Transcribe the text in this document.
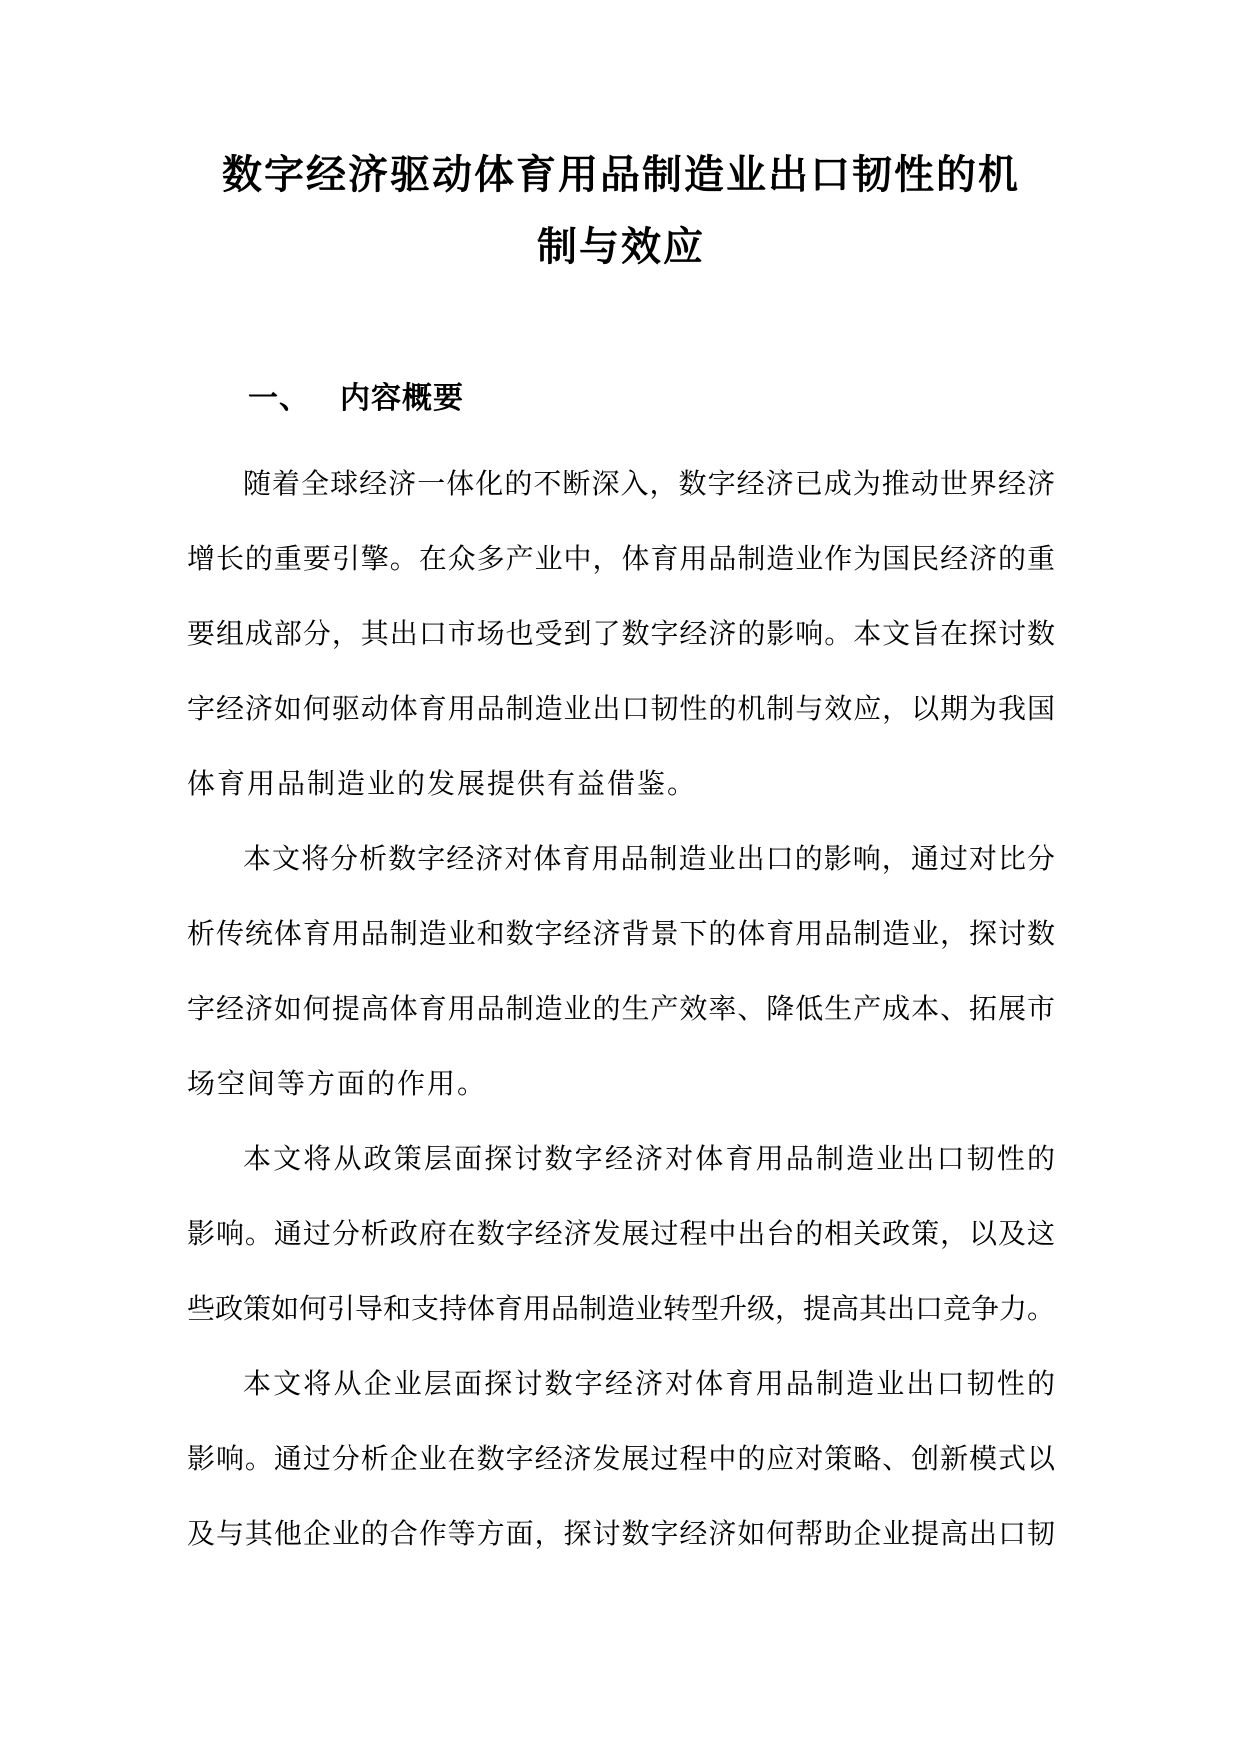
数字经济驱动体育用品制造业出口韧性的机
制与效应
一、 内容概要
随着全球经济一体化的不断深入，数字经济已成为推动世界经济
增长的重要引擎。在众多产业中，体育用品制造业作为国民经济的重
要组成部分，其出口市场也受到了数字经济的影响。本文旨在探讨数
字经济如何驱动体育用品制造业出口韧性的机制与效应，以期为我国
体育用品制造业的发展提供有益借鉴。
本文将分析数字经济对体育用品制造业出口的影响，通过对比分
析传统体育用品制造业和数字经济背景下的体育用品制造业，探讨数
字经济如何提高体育用品制造业的生产效率、降低生产成本、拓展市
场空间等方面的作用。
本文将从政策层面探讨数字经济对体育用品制造业出口韧性的
影响。通过分析政府在数字经济发展过程中出台的相关政策，以及这
些政策如何引导和支持体育用品制造业转型升级，提高其出口竞争力。
本文将从企业层面探讨数字经济对体育用品制造业出口韧性的
影响。通过分析企业在数字经济发展过程中的应对策略、创新模式以
及与其他企业的合作等方面，探讨数字经济如何帮助企业提高出口韧
